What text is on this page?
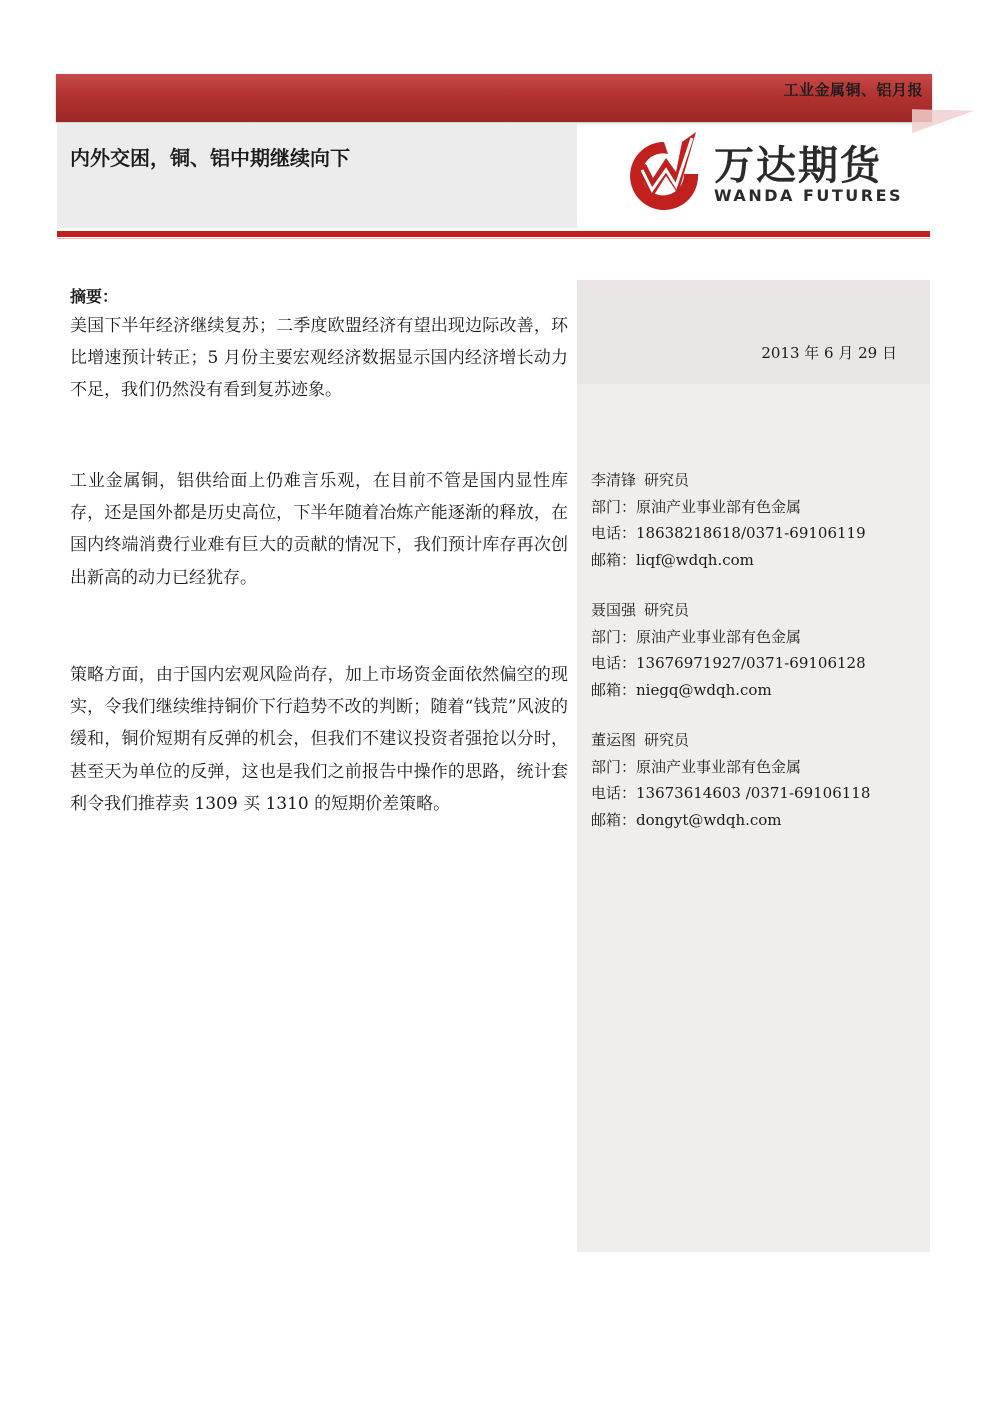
工业金属铜、铝月报
内外交困，铜、铝中期继续向下	万达期货
WANDA FUTURES
2013 年 6 月 29 日
摘要：
美国下半年经济继续复苏；二季度欧盟经济有望出现边际改善，环比增速预计转正；5 月份主要宏观经济数据显示国内经济增长动力不足，我们仍然没有看到复苏迹象。
工业金属铜，铝供给面上仍难言乐观，在目前不管是国内显性库存，还是国外都是历史高位，下半年随着冶炼产能逐渐的释放，在国内终端消费行业难有巨大的贡献的情况下，我们预计库存再次创出新高的动力已经犹存。
策略方面，由于国内宏观风险尚存，加上市场资金面依然偏空的现实，令我们继续维持铜价下行趋势不改的判断；随着“钱荒”风波的缓和，铜价短期有反弹的机会，但我们不建议投资者强抢以分时，甚至天为单位的反弹，这也是我们之前报告中操作的思路，统计套利令我们推荐卖 1309 买 1310 的短期价差策略。
李清锋 研究员
部门：原油产业事业部有色金属
电话：18638218618/0371-69106119
邮箱：liqf@wdqh.com
聂国强 研究员
部门：原油产业事业部有色金属
电话：13676971927/0371-69106128
邮箱：niegq@wdqh.com
董运图 研究员
部门：原油产业事业部有色金属
电话：13673614603 /0371-69106118
邮箱：dongyt@wdqh.com
